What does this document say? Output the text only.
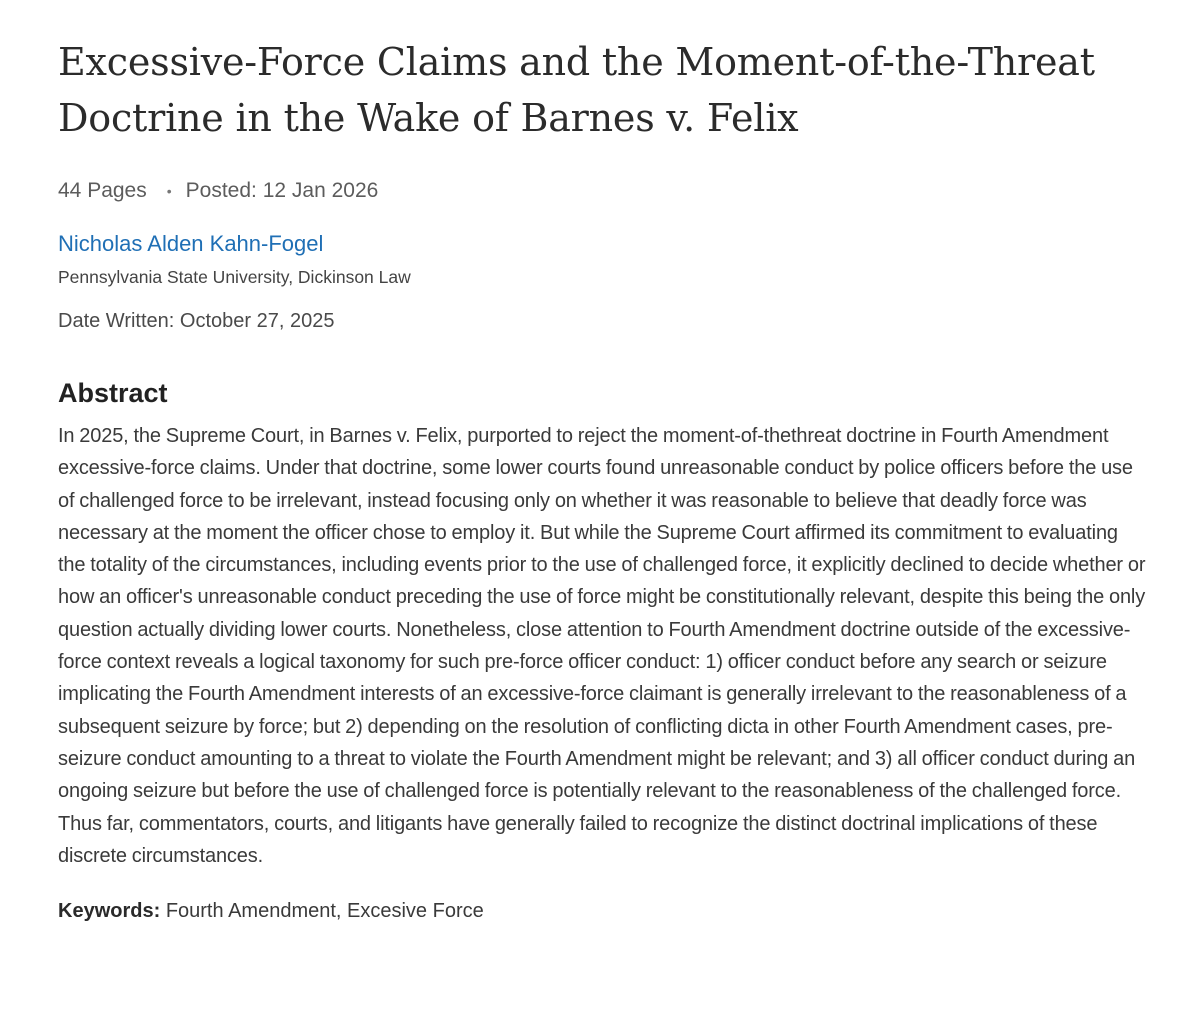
Excessive-Force Claims and the Moment-of-the-Threat Doctrine in the Wake of Barnes v. Felix
44 Pages • Posted: 12 Jan 2026
Nicholas Alden Kahn-Fogel
Pennsylvania State University, Dickinson Law
Date Written: October 27, 2025
Abstract
In 2025, the Supreme Court, in Barnes v. Felix, purported to reject the moment-of-thethreat doctrine in Fourth Amendment excessive-force claims. Under that doctrine, some lower courts found unreasonable conduct by police officers before the use of challenged force to be irrelevant, instead focusing only on whether it was reasonable to believe that deadly force was necessary at the moment the officer chose to employ it. But while the Supreme Court affirmed its commitment to evaluating the totality of the circumstances, including events prior to the use of challenged force, it explicitly declined to decide whether or how an officer's unreasonable conduct preceding the use of force might be constitutionally relevant, despite this being the only question actually dividing lower courts. Nonetheless, close attention to Fourth Amendment doctrine outside of the excessive-force context reveals a logical taxonomy for such pre-force officer conduct: 1) officer conduct before any search or seizure implicating the Fourth Amendment interests of an excessive-force claimant is generally irrelevant to the reasonableness of a subsequent seizure by force; but 2) depending on the resolution of conflicting dicta in other Fourth Amendment cases, pre-seizure conduct amounting to a threat to violate the Fourth Amendment might be relevant; and 3) all officer conduct during an ongoing seizure but before the use of challenged force is potentially relevant to the reasonableness of the challenged force. Thus far, commentators, courts, and litigants have generally failed to recognize the distinct doctrinal implications of these discrete circumstances.
Keywords: Fourth Amendment, Excesive Force
